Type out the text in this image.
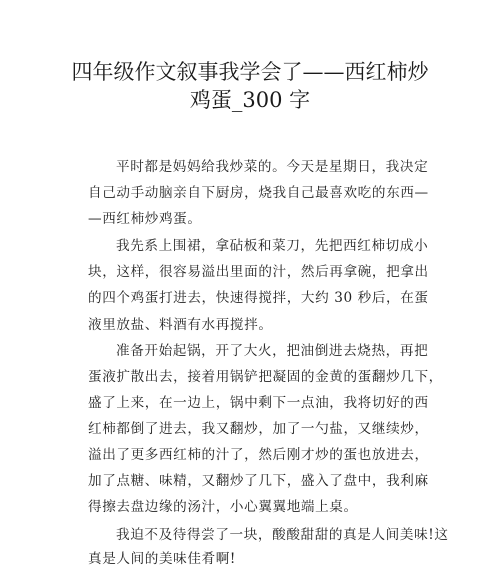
四年级作文叙事我学会了——西红柿炒
鸡蛋_300 字
平时都是妈妈给我炒菜的。今天是星期日，我决定
自己动手动脑亲自下厨房，烧我自己最喜欢吃的东西—
—西红柿炒鸡蛋。
我先系上围裙，拿砧板和菜刀，先把西红柿切成小
块，这样，很容易溢出里面的汁，然后再拿碗，把拿出
的四个鸡蛋打进去，快速得搅拌，大约 30 秒后，在蛋
液里放盐、料酒有水再搅拌。
准备开始起锅，开了大火，把油倒进去烧热，再把
蛋液扩散出去，接着用锅铲把凝固的金黄的蛋翻炒几下，
盛了上来，在一边上，锅中剩下一点油，我将切好的西
红柿都倒了进去，我又翻炒，加了一勺盐，又继续炒，
溢出了更多西红柿的汁了，然后刚才炒的蛋也放进去，
加了点糖、味精，又翻炒了几下，盛入了盘中，我利麻
得擦去盘边缘的汤汁，小心翼翼地端上桌。
我迫不及待得尝了一块，酸酸甜甜的真是人间美味!这
真是人间的美味佳肴啊!
